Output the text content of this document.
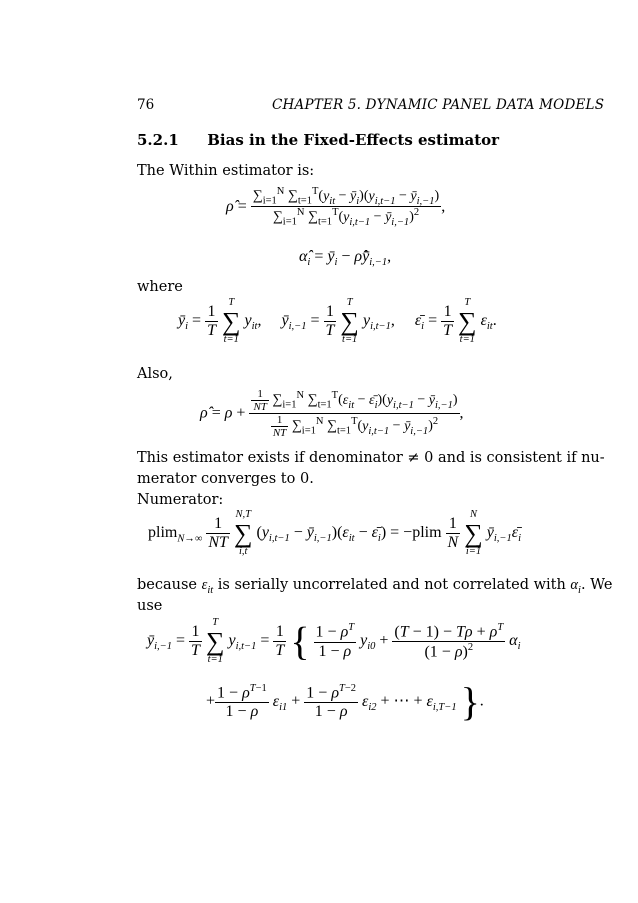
76	CHAPTER 5. DYNAMIC PANEL DATA MODELS
5.2.1 Bias in the Fixed-Effects estimator
The Within estimator is:
ρ̂ = $\frac{\sum_{i=1}^N \sum_{t=1}^T(y_{it} - ȳ_i)(y_{i,t-1} - ȳ_{i,-1})}{\sum_{i=1}^N \sum_{t=1}^T(y_{i,t-1} - ȳ_{i,-1})^2}$ ,
$\alphâ_i$ = $ȳ_i$ − $\rhôȳ_{i,-1}$,
where
$ȳ_i = \frac{1}{T}$

T
∑
t=1
$y_{it}$,  $ȳ_{i,-1} = \frac{1}{T}$

T
∑
t=1
$y_{i,t-1}$,  $\varepsilon̄_i = \frac{1}{T}$

T
∑
t=1
$\varepsilon_{it}$.
Also,
ρ̂ = $\rho + \frac{\frac{1}{NT} \sum_{i=1}^N \sum_{t=1}^T(\varepsilon_{it} - \varepsilon̄_i)(y_{i,t-1} - ȳ_{i,-1})}{\frac{1}{NT} \sum_{i=1}^N \sum_{t=1}^T(y_{i,t-1} - ȳ_{i,-1})^2}$ ,
This estimator exists if denominator ≠ 0 and is consistent if nu-
merator converges to 0.
Numerator:
$plim_{N\to\infty} \frac{1}{NT}$

N,T
∑
i,t
($y_{i,t-1}$ − $ȳ_{i,-1})(\varepsilon_{it}$ − $\varepsilon̄_i) = -plim \frac{1}{N}$

N
∑
i=1
$ȳ_{i,-1}\varepsilon̄_i$
because $\varepsilon_{it}$ is serially uncorrelated and not correlated with $\alpha_i$. We
use
$ȳ_{i,-1} = \frac{1}{T}$

T
∑
t=1
$y_{i,t-1} = \frac{1}{T}$ { $\frac{1 - \rho^T}{1 - \rho} y_{i0} + \frac{(T - 1) - T\rho + \rho^T}{(1 - \rho)^2} \alpha_i$
+ $\frac{1 - \rho^{T-1}}{1 - \rho} \varepsilon_{i1} + \frac{1 - \rho^{T-2}}{1 - \rho} \varepsilon_{i2}$ + ⋯ + $\varepsilon_{i,T-1}$ }.
